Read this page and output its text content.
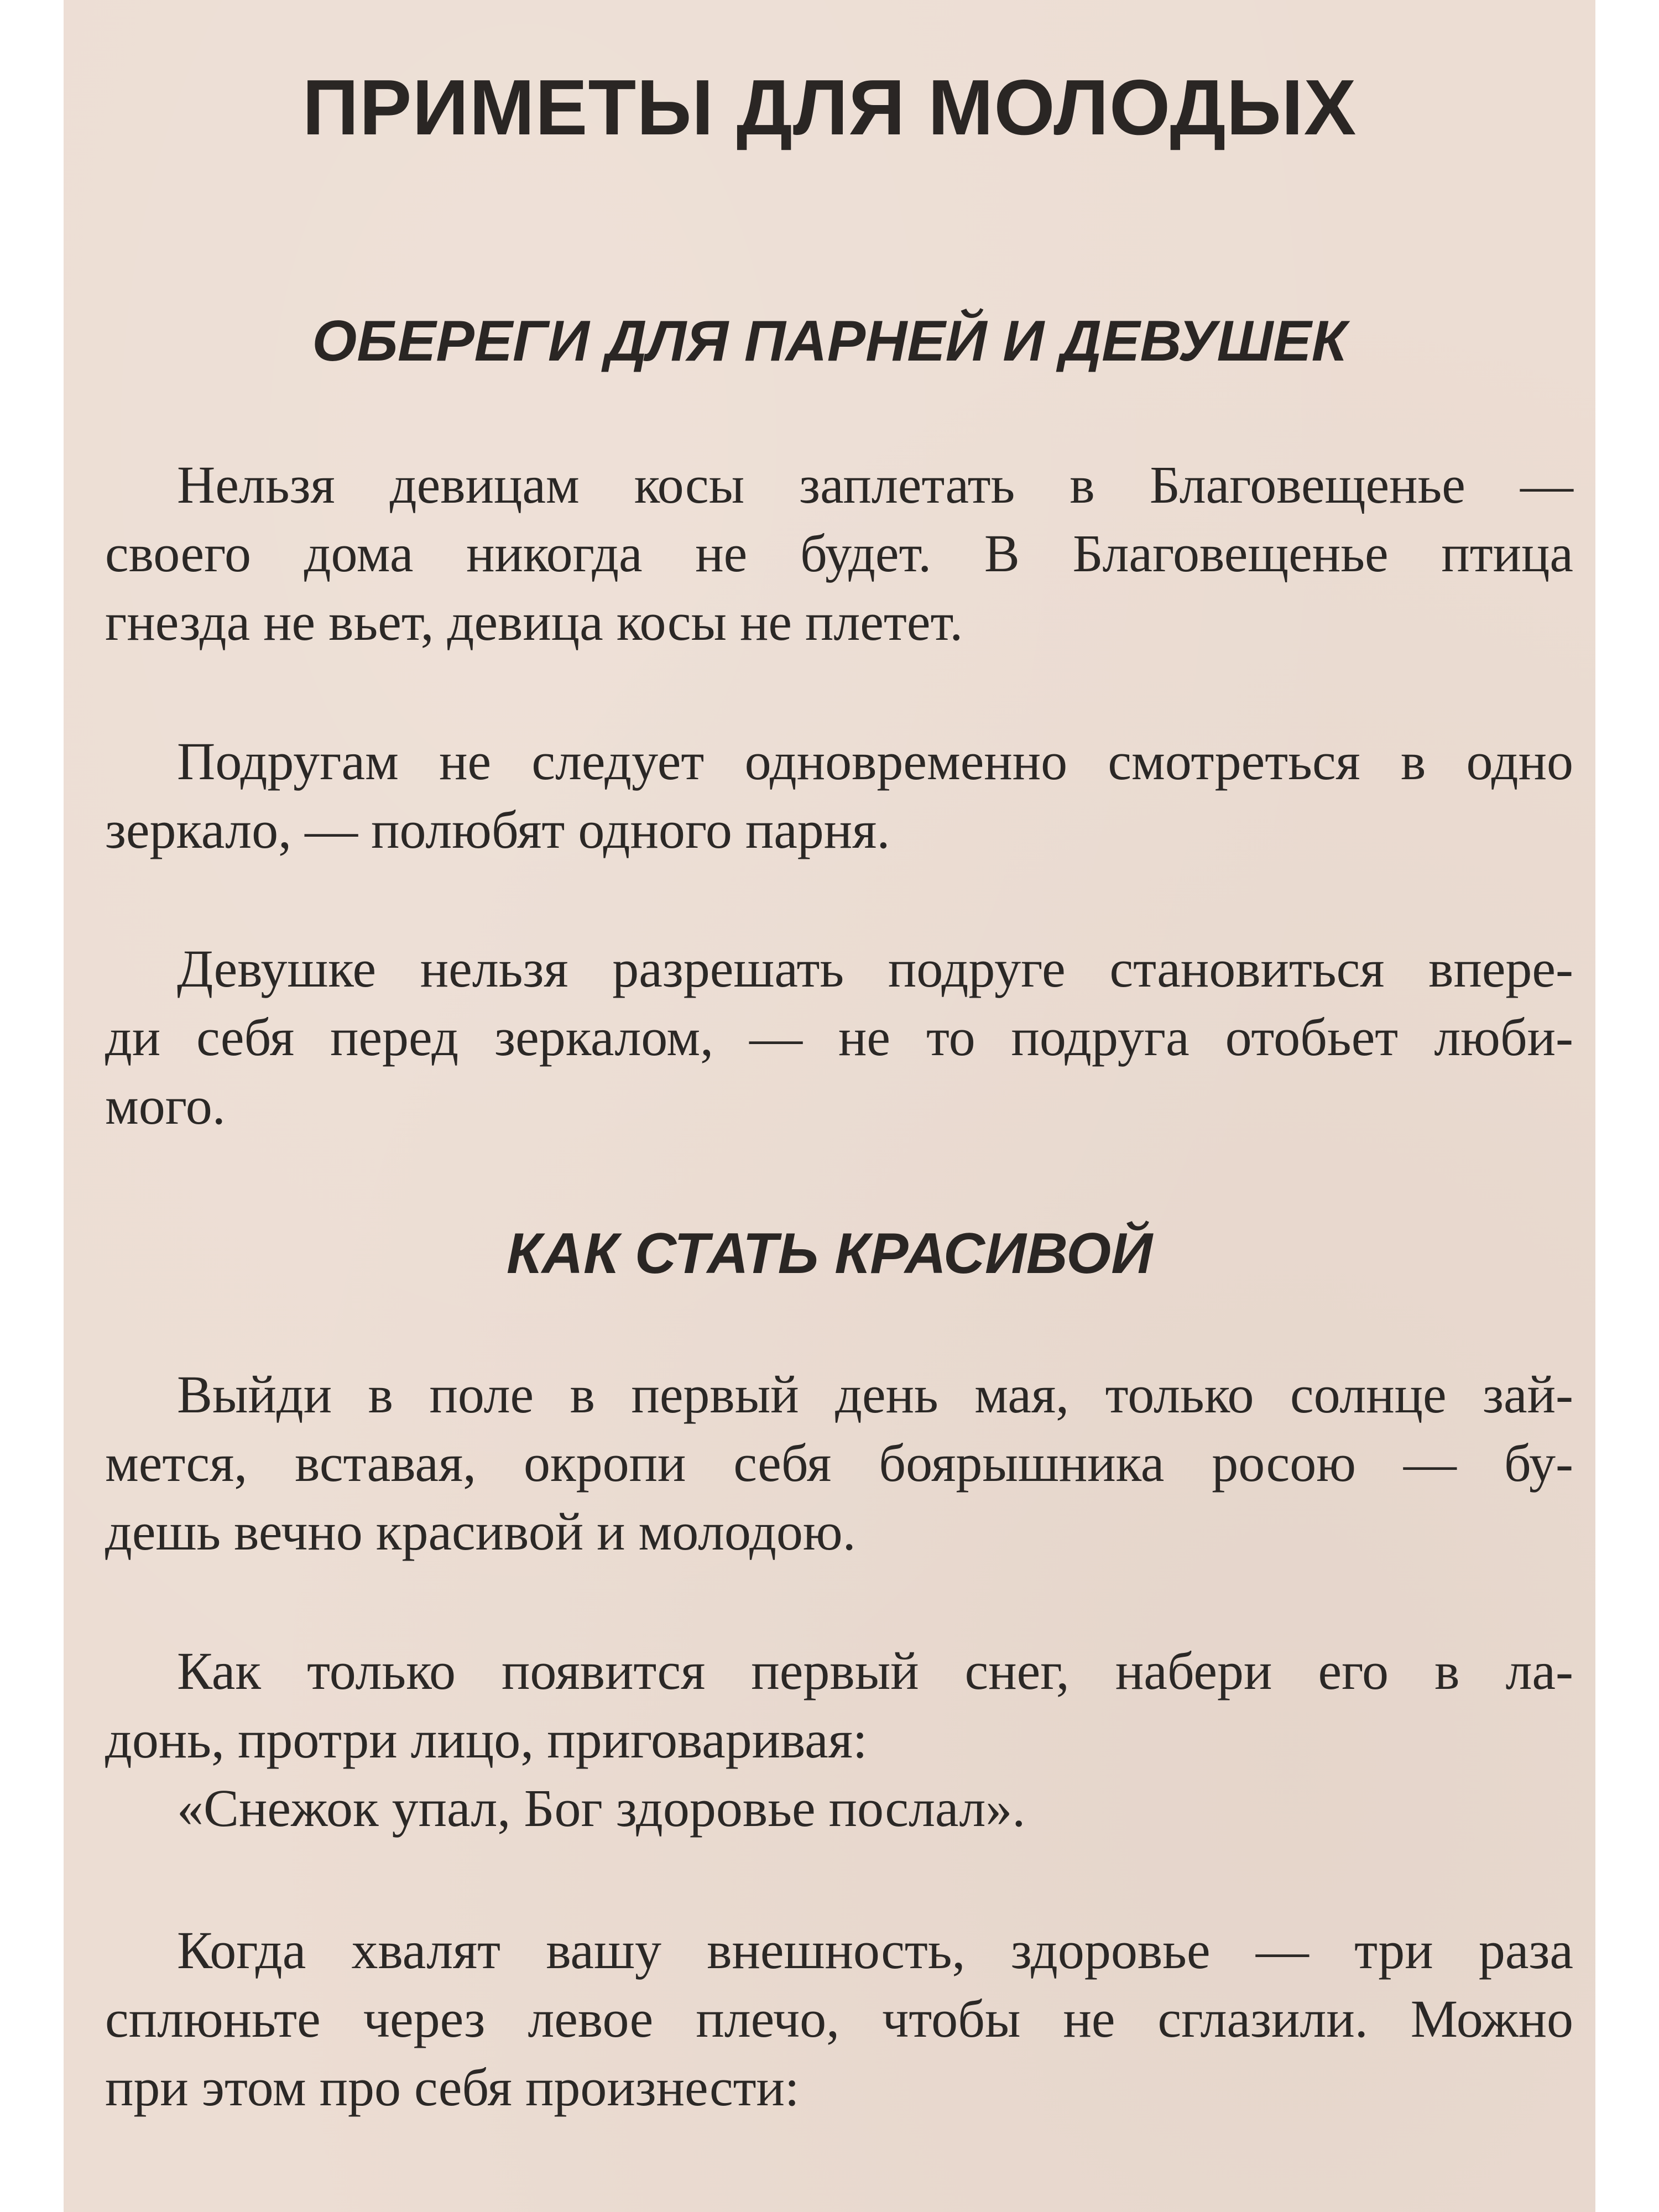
ПРИМЕТЫ ДЛЯ МОЛОДЫХ
ОБЕРЕГИ ДЛЯ ПАРНЕЙ И ДЕВУШЕК

Нельзя девицам косы заплетать в Благовещенье —
своего дома никогда не будет. В Благовещенье птица
гнезда не вьет, девица косы не плетет.

Подругам не следует одновременно смотреться в одно
зеркало, — полюбят одного парня.

Девушке нельзя разрешать подруге становиться впере-
ди себя перед зеркалом, — не то подруга отобьет люби-
мого.

КАК СТАТЬ КРАСИВОЙ

Выйди в поле в первый день мая, только солнце зай-
мется, вставая, окропи себя боярышника росою — бу-
дешь вечно красивой и молодою.

Как только появится первый снег, набери его в ла-
донь, протри лицо, приговаривая:
«Снежок упал, Бог здоровье послал».

Когда хвалят вашу внешность, здоровье — три раза
сплюньте через левое плечо, чтобы не сглазили. Можно
при этом про себя произнести:
